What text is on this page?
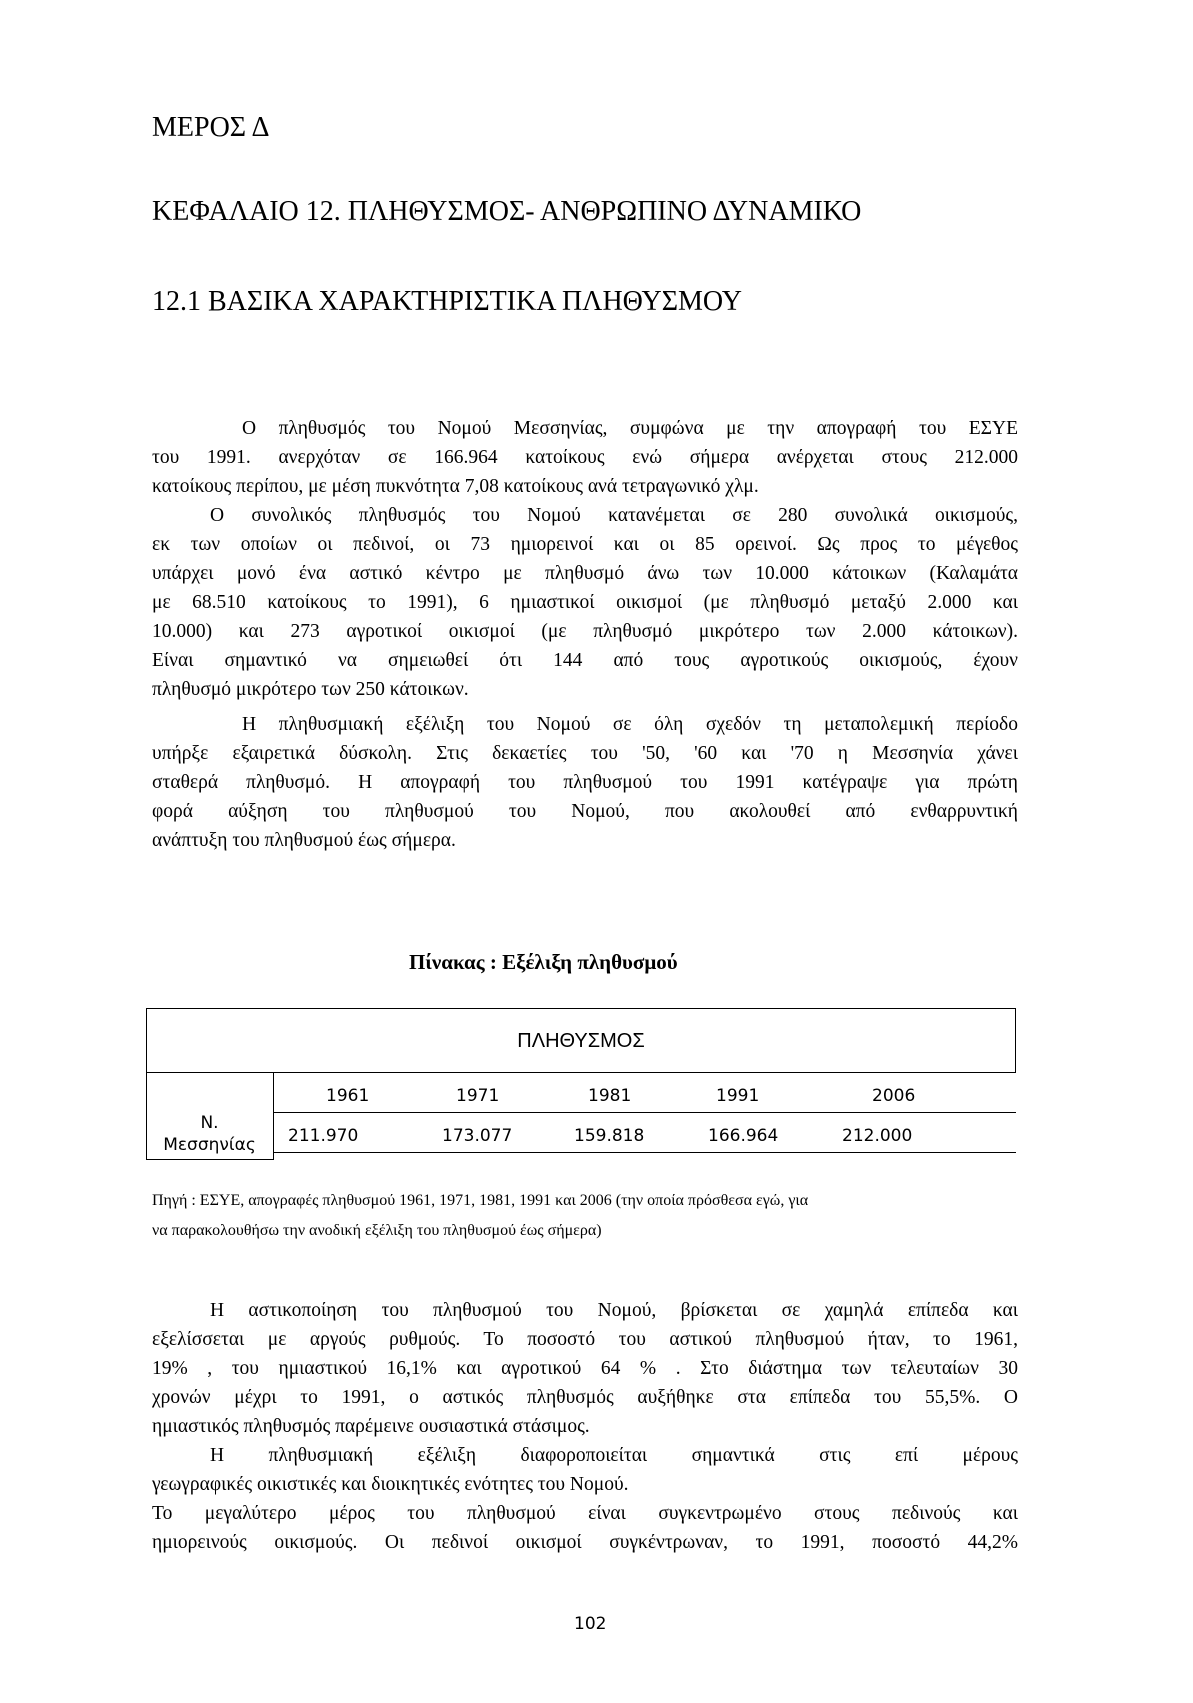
ΜΕΡΟΣ Δ
ΚΕΦΑΛΑΙΟ 12. ΠΛΗΘΥΣΜΟΣ- ΑΝΘΡΩΠΙΝΟ ΔΥΝΑΜΙΚΟ
12.1 ΒΑΣΙΚΑ ΧΑΡΑΚΤΗΡΙΣΤΙΚΑ ΠΛΗΘΥΣΜΟΥ
Ο πληθυσμός του Νομού Μεσσηνίας, συμφώνα με την απογραφή του ΕΣΥΕ
του 1991. ανερχόταν σε 166.964 κατοίκους ενώ σήμερα ανέρχεται στους 212.000
κατοίκους περίπου, με μέση πυκνότητα 7,08 κατοίκους ανά τετραγωνικό χλμ.
Ο συνολικός πληθυσμός του Νομού κατανέμεται σε 280 συνολικά οικισμούς,
εκ των οποίων οι πεδινοί, οι 73 ημιορεινοί και οι 85 ορεινοί. Ως προς το μέγεθος
υπάρχει μονό ένα αστικό κέντρο με πληθυσμό άνω των 10.000 κάτοικων (Καλαμάτα
με 68.510 κατοίκους το 1991), 6 ημιαστικοί οικισμοί (με πληθυσμό μεταξύ 2.000 και
10.000) και 273 αγροτικοί οικισμοί (με πληθυσμό μικρότερο των 2.000 κάτοικων).
Είναι σημαντικό να σημειωθεί ότι 144 από τους αγροτικούς οικισμούς, έχουν
πληθυσμό μικρότερο των 250 κάτοικων.
Η πληθυσμιακή εξέλιξη του Νομού σε όλη σχεδόν τη μεταπολεμική περίοδο
υπήρξε εξαιρετικά δύσκολη. Στις δεκαετίες του '50, '60 και '70 η Μεσσηνία χάνει
σταθερά πληθυσμό. Η απογραφή του πληθυσμού του 1991 κατέγραψε για πρώτη
φορά αύξηση του πληθυσμού του Νομού, που ακολουθεί από ενθαρρυντική
ανάπτυξη του πληθυσμού έως σήμερα.
Πίνακας : Εξέλιξη πληθυσμού
ΠΛΗΘΥΣΜΟΣ
1961	1971	1981	1991	2006
Ν.
Μεσσηνίας	211.970	173.077	159.818	166.964	212.000
Πηγή : ΕΣΥΕ, απογραφές πληθυσμού 1961, 1971, 1981, 1991 και 2006 (την οποία πρόσθεσα εγώ, για
να παρακολουθήσω την ανοδική εξέλιξη του πληθυσμού έως σήμερα)
Η αστικοποίηση του πληθυσμού του Νομού, βρίσκεται σε χαμηλά επίπεδα και
εξελίσσεται με αργούς ρυθμούς. Το ποσοστό του αστικού πληθυσμού ήταν, το 1961,
19% , του ημιαστικού 16,1% και αγροτικού 64 % . Στο διάστημα των τελευταίων 30
χρονών μέχρι το 1991, ο αστικός πληθυσμός αυξήθηκε στα επίπεδα του 55,5%. Ο
ημιαστικός πληθυσμός παρέμεινε ουσιαστικά στάσιμος.
Η πληθυσμιακή εξέλιξη διαφοροποιείται σημαντικά στις επί μέρους
γεωγραφικές οικιστικές και διοικητικές ενότητες του Νομού.
Το μεγαλύτερο μέρος του πληθυσμού είναι συγκεντρωμένο στους πεδινούς και
ημιορεινούς οικισμούς. Οι πεδινοί οικισμοί συγκέντρωναν, το 1991, ποσοστό 44,2%
102
